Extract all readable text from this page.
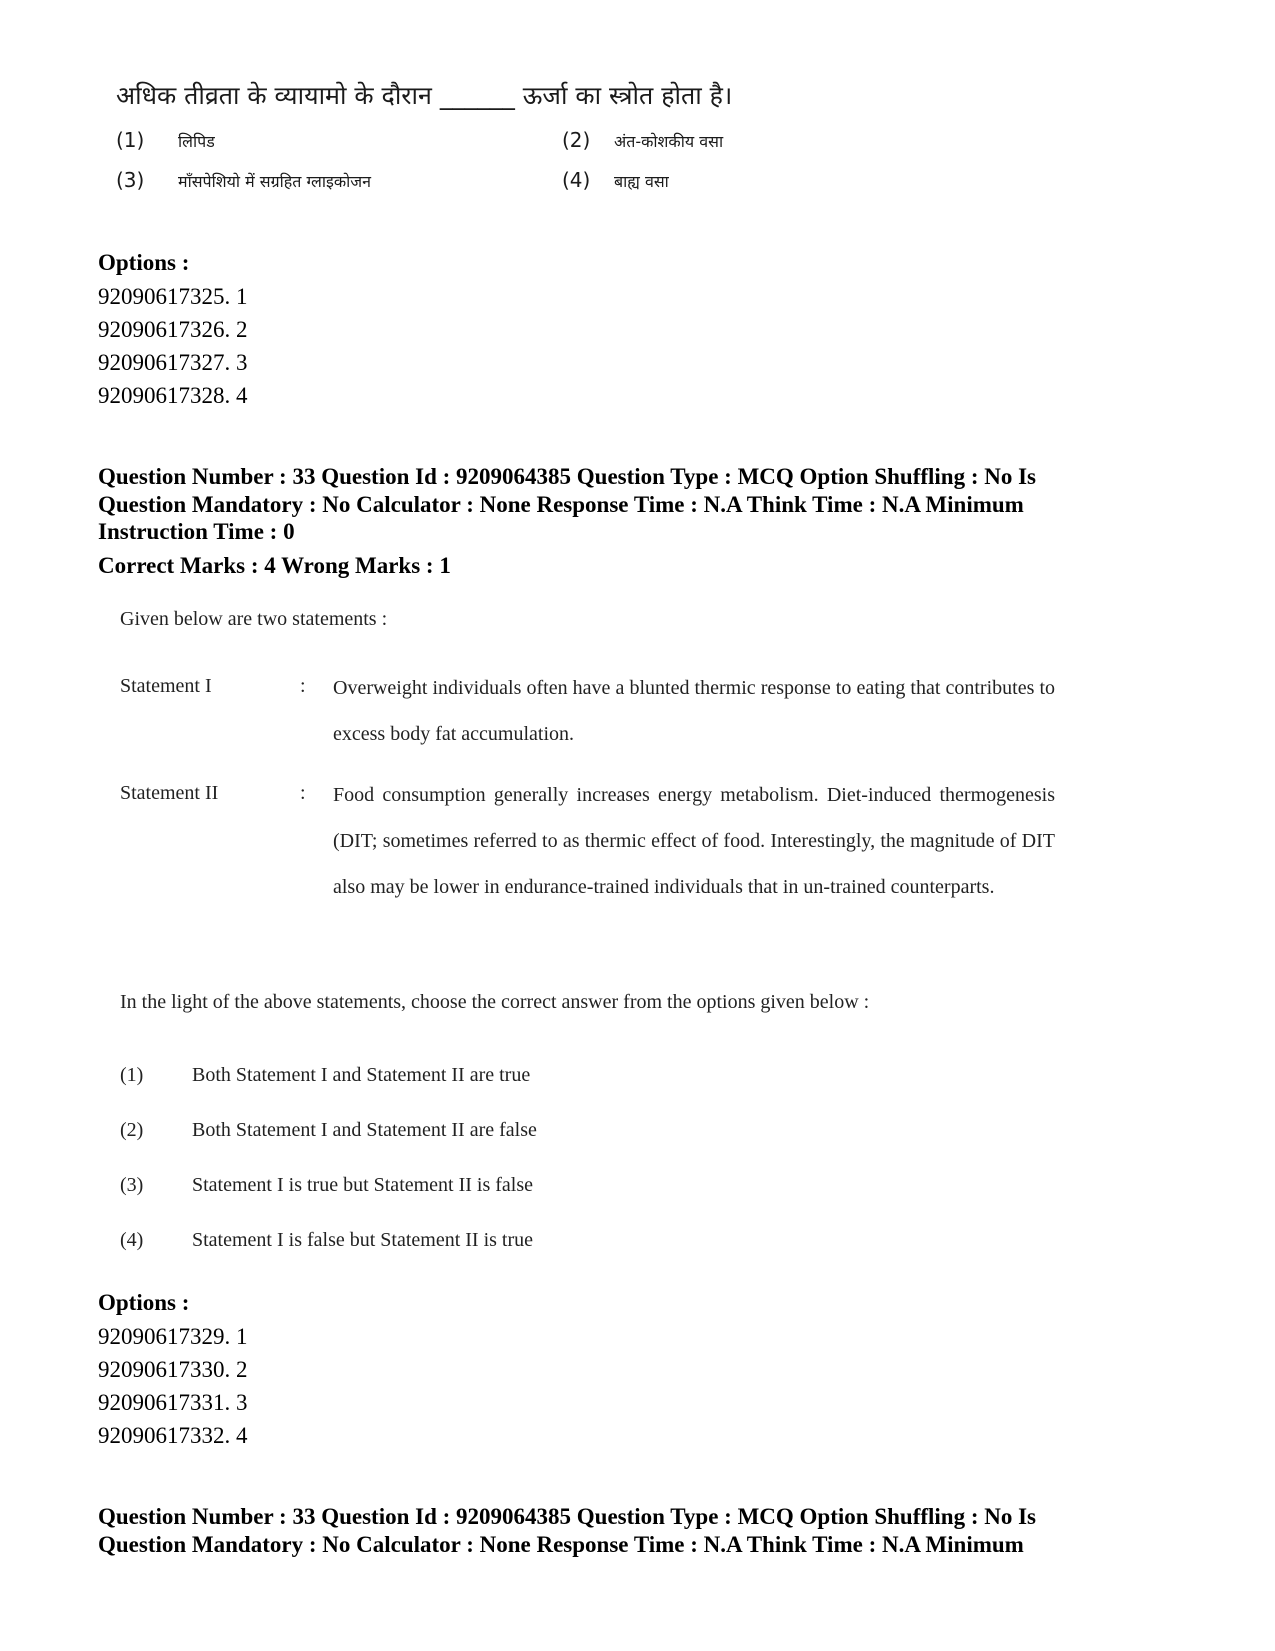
अधिक तीव्रता के व्यायामो के दौरान ______ ऊर्जा का स्त्रोत होता है।
(1) लिपिड	(2) अंत-कोशकीय वसा
(3) माँसपेशियो में सग्रहित ग्लाइकोजन	(4) बाह्य वसा
Options :
92090617325. 1
92090617326. 2
92090617327. 3
92090617328. 4
Question Number : 33 Question Id : 9209064385 Question Type : MCQ Option Shuffling : No Is
Question Mandatory : No Calculator : None Response Time : N.A Think Time : N.A Minimum
Instruction Time : 0
Correct Marks : 4 Wrong Marks : 1
Given below are two statements :
Statement I	: Overweight individuals often have a blunted thermic response to eating that contributes to excess body fat accumulation.
Statement II	: Food consumption generally increases energy metabolism. Diet-induced thermogenesis (DIT; sometimes referred to as thermic effect of food. Interestingly, the magnitude of DIT also may be lower in endurance-trained individuals that in un-trained counterparts.
In the light of the above statements, choose the correct answer from the options given below :
(1) Both Statement I and Statement II are true
(2) Both Statement I and Statement II are false
(3) Statement I is true but Statement II is false
(4) Statement I is false but Statement II is true
Options :
92090617329. 1
92090617330. 2
92090617331. 3
92090617332. 4
Question Number : 33 Question Id : 9209064385 Question Type : MCQ Option Shuffling : No Is
Question Mandatory : No Calculator : None Response Time : N.A Think Time : N.A Minimum
